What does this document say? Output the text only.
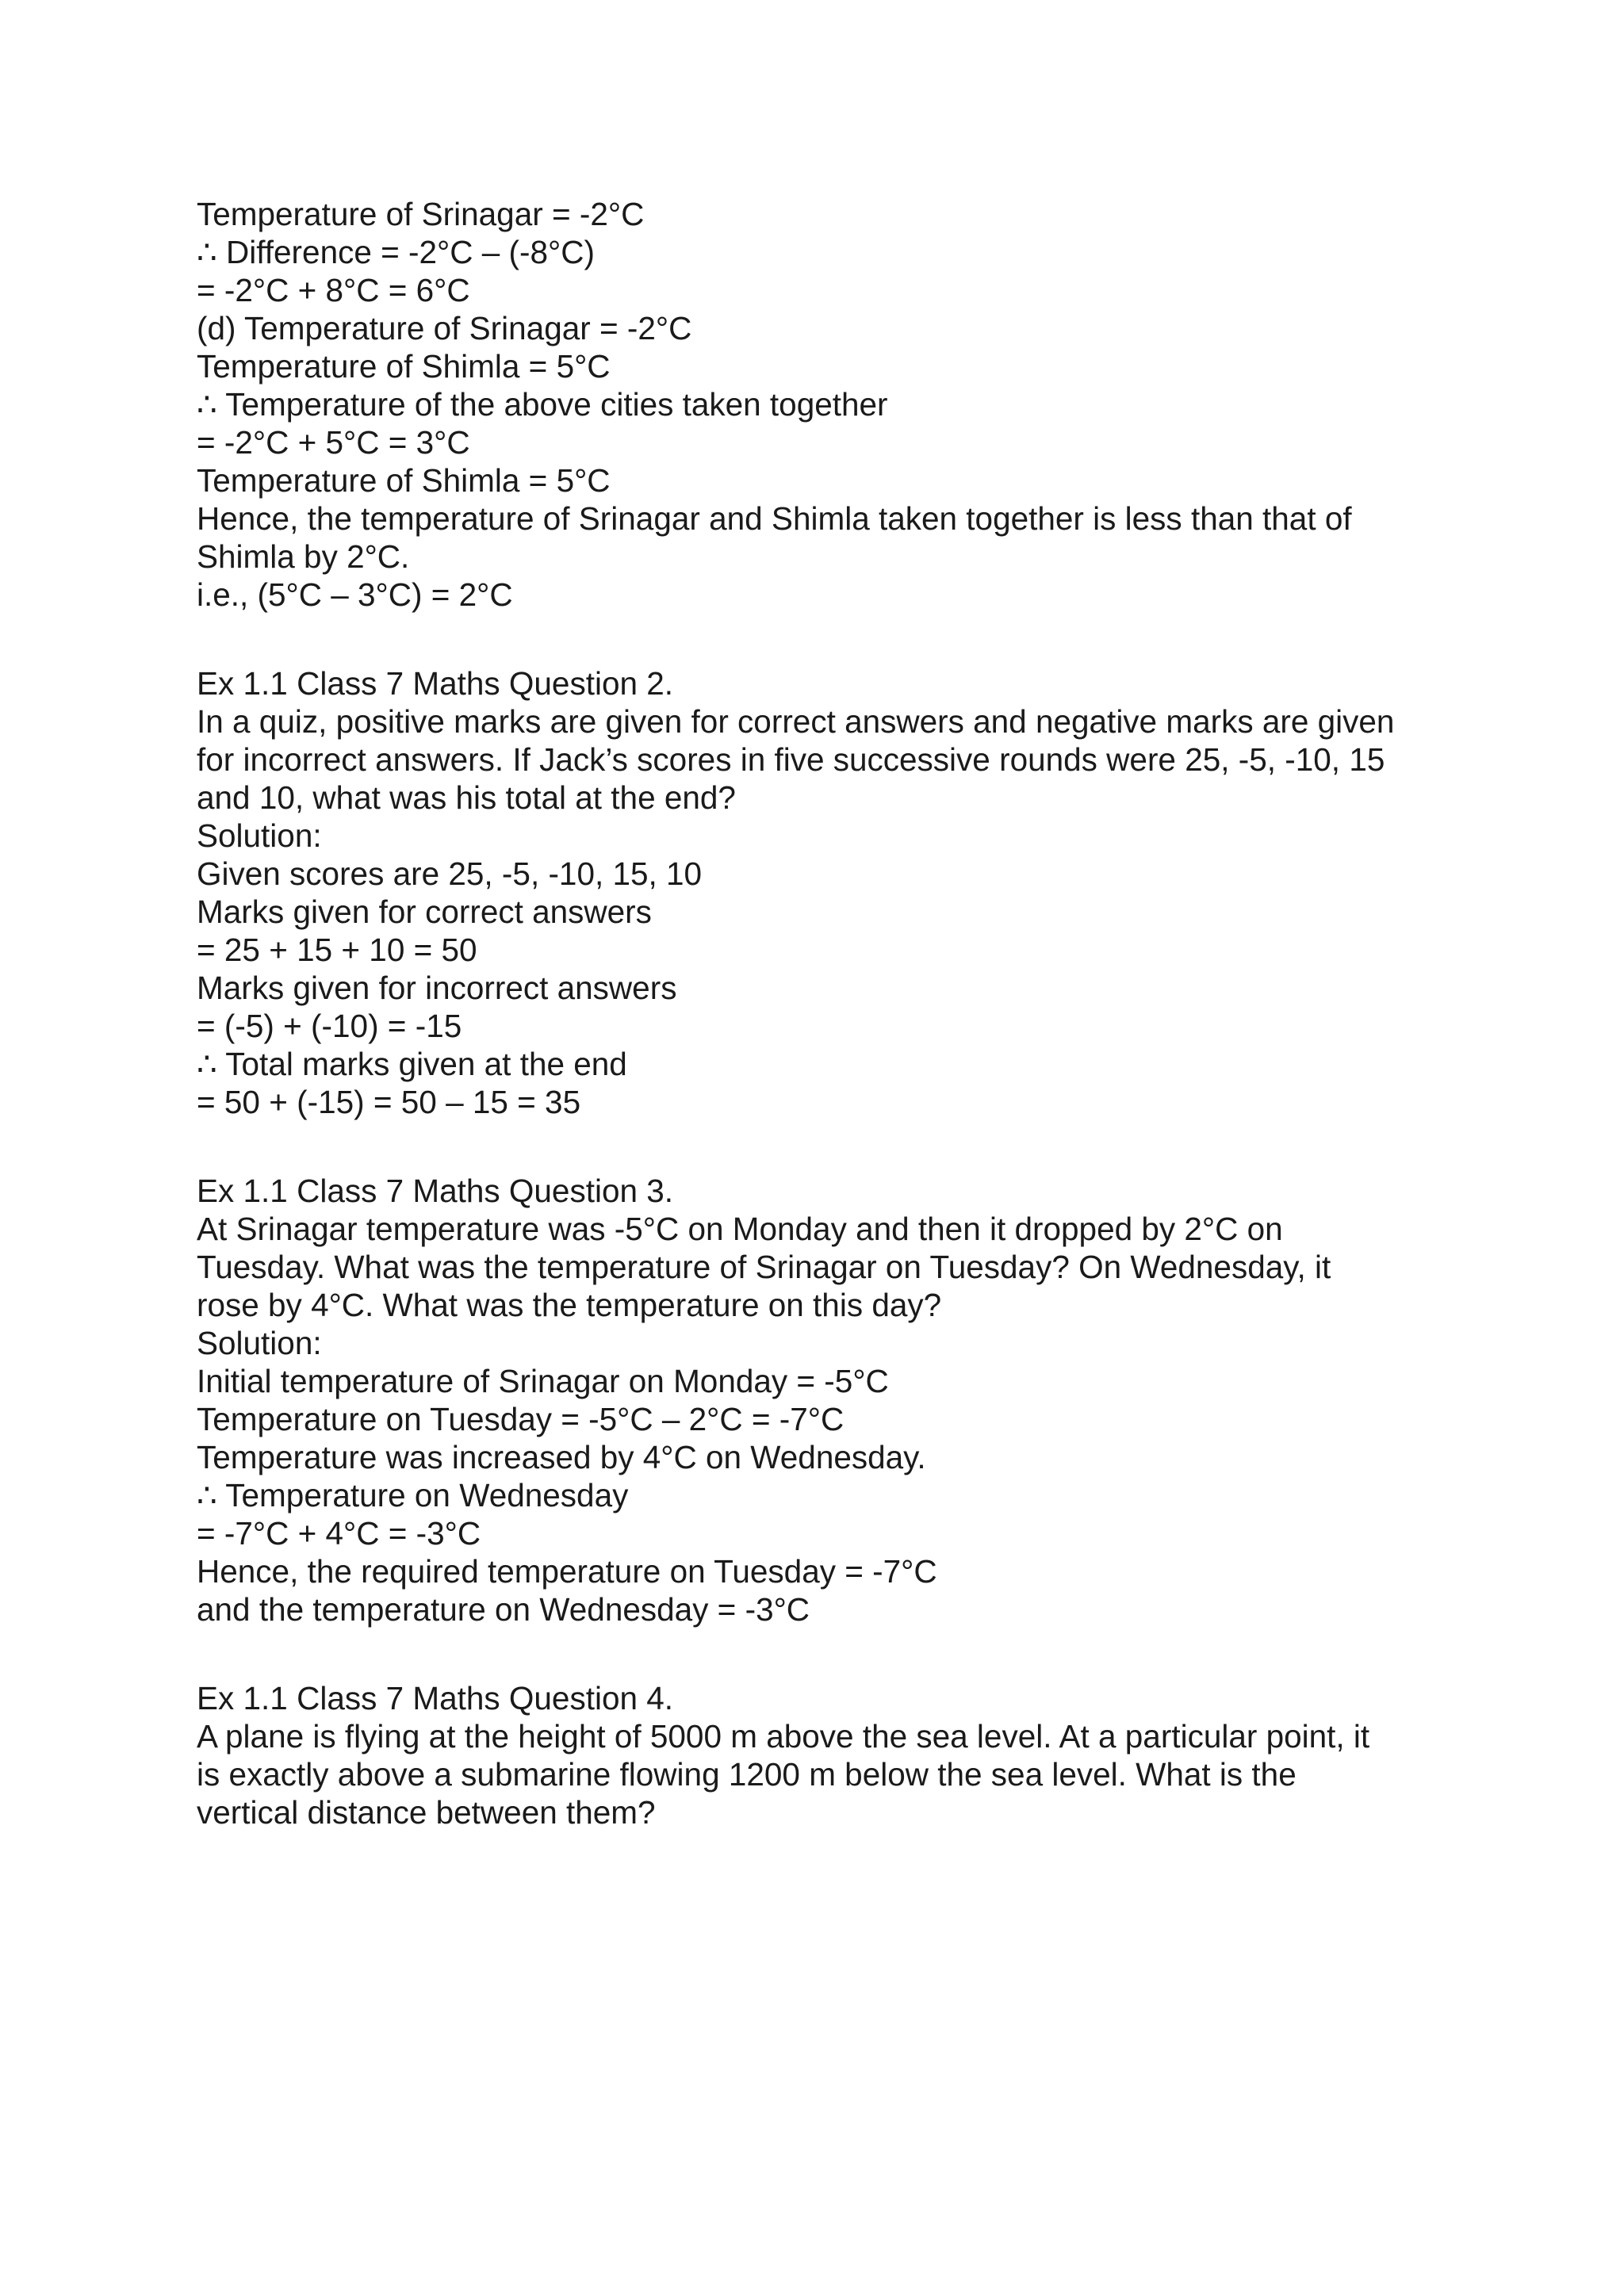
Temperature of Srinagar = -2°C
∴ Difference = -2°C – (-8°C)
= -2°C + 8°C = 6°C
(d) Temperature of Srinagar = -2°C
Temperature of Shimla = 5°C
∴ Temperature of the above cities taken together
= -2°C + 5°C = 3°C
Temperature of Shimla = 5°C
Hence, the temperature of Srinagar and Shimla taken together is less than that of
Shimla by 2°C.
i.e., (5°C – 3°C) = 2°C
Ex 1.1 Class 7 Maths Question 2.
In a quiz, positive marks are given for correct answers and negative marks are given
for incorrect answers. If Jack’s scores in five successive rounds were 25, -5, -10, 15
and 10, what was his total at the end?
Solution:
Given scores are 25, -5, -10, 15, 10
Marks given for correct answers
= 25 + 15 + 10 = 50
Marks given for incorrect answers
= (-5) + (-10) = -15
∴ Total marks given at the end
= 50 + (-15) = 50 – 15 = 35
Ex 1.1 Class 7 Maths Question 3.
At Srinagar temperature was -5°C on Monday and then it dropped by 2°C on
Tuesday. What was the temperature of Srinagar on Tuesday? On Wednesday, it
rose by 4°C. What was the temperature on this day?
Solution:
Initial temperature of Srinagar on Monday = -5°C
Temperature on Tuesday = -5°C – 2°C = -7°C
Temperature was increased by 4°C on Wednesday.
∴ Temperature on Wednesday
= -7°C + 4°C = -3°C
Hence, the required temperature on Tuesday = -7°C
and the temperature on Wednesday = -3°C
Ex 1.1 Class 7 Maths Question 4.
A plane is flying at the height of 5000 m above the sea level. At a particular point, it
is exactly above a submarine flowing 1200 m below the sea level. What is the
vertical distance between them?
